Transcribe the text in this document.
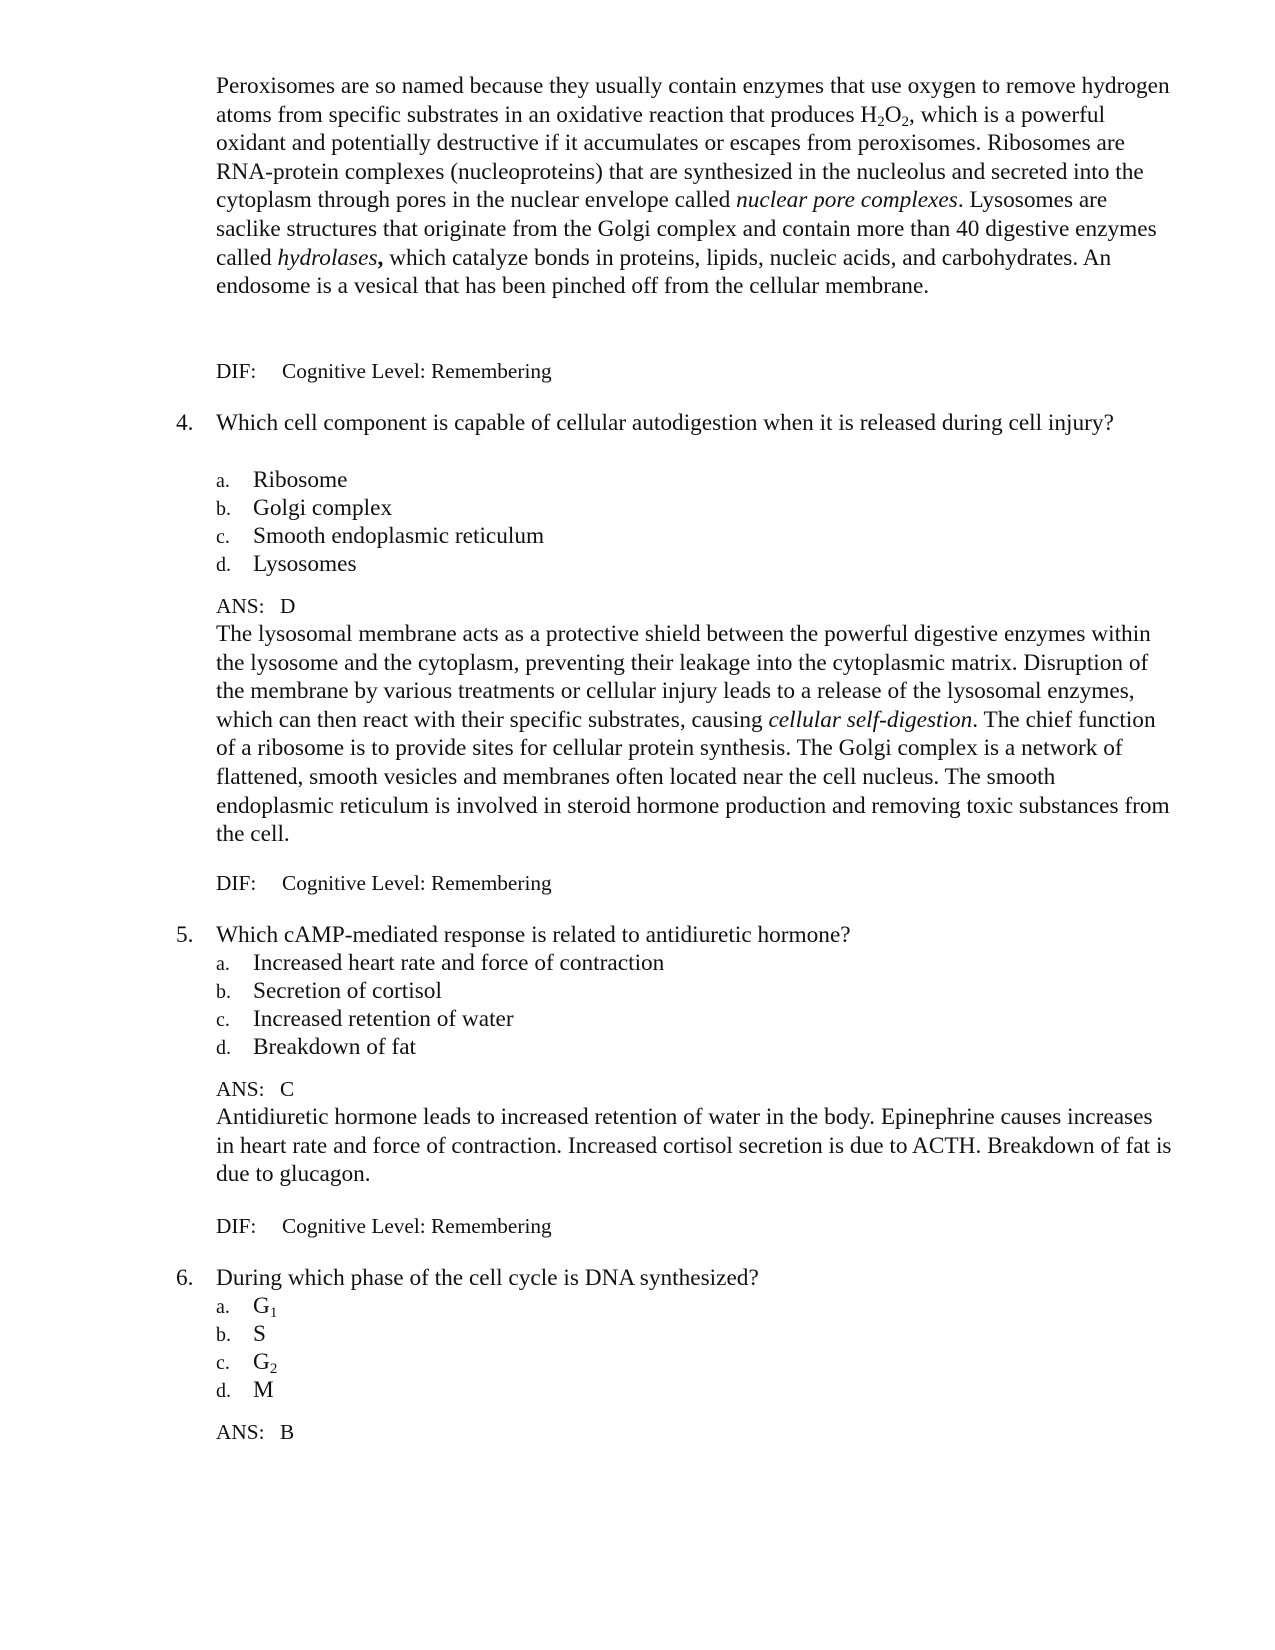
Peroxisomes are so named because they usually contain enzymes that use oxygen to remove hydrogen atoms from specific substrates in an oxidative reaction that produces $H_2O_2$, which is a powerful oxidant and potentially destructive if it accumulates or escapes from peroxisomes. Ribosomes are RNA-protein complexes (nucleoproteins) that are synthesized in the nucleolus and secreted into the cytoplasm through pores in the nuclear envelope called nuclear pore complexes. Lysosomes are saclike structures that originate from the Golgi complex and contain more than 40 digestive enzymes called hydrolases, which catalyze bonds in proteins, lipids, nucleic acids, and carbohydrates. An endosome is a vesical that has been pinched off from the cellular membrane.

DIF: Cognitive Level: Remembering
4. Which cell component is capable of cellular autodigestion when it is released during cell injury?

a. Ribosome
b. Golgi complex
c. Smooth endoplasmic reticulum
d. Lysosomes
ANS: D

The lysosomal membrane acts as a protective shield between the powerful digestive enzymes within the lysosome and the cytoplasm, preventing their leakage into the cytoplasmic matrix. Disruption of the membrane by various treatments or cellular injury leads to a release of the lysosomal enzymes, which can then react with their specific substrates, causing cellular self-digestion. The chief function of a ribosome is to provide sites for cellular protein synthesis. The Golgi complex is a network of flattened, smooth vesicles and membranes often located near the cell nucleus. The smooth endoplasmic reticulum is involved in steroid hormone production and removing toxic substances from the cell.

DIF: Cognitive Level: Remembering
5. Which cAMP-mediated response is related to antidiuretic hormone?

a. Increased heart rate and force of contraction
b. Secretion of cortisol
c. Increased retention of water
d. Breakdown of fat
ANS: C

Antidiuretic hormone leads to increased retention of water in the body. Epinephrine causes increases in heart rate and force of contraction. Increased cortisol secretion is due to ACTH. Breakdown of fat is due to glucagon.

DIF: Cognitive Level: Remembering
6. During which phase of the cell cycle is DNA synthesized?

a. $G_1$
b. S
c. $G_2$
d. M
ANS: B
